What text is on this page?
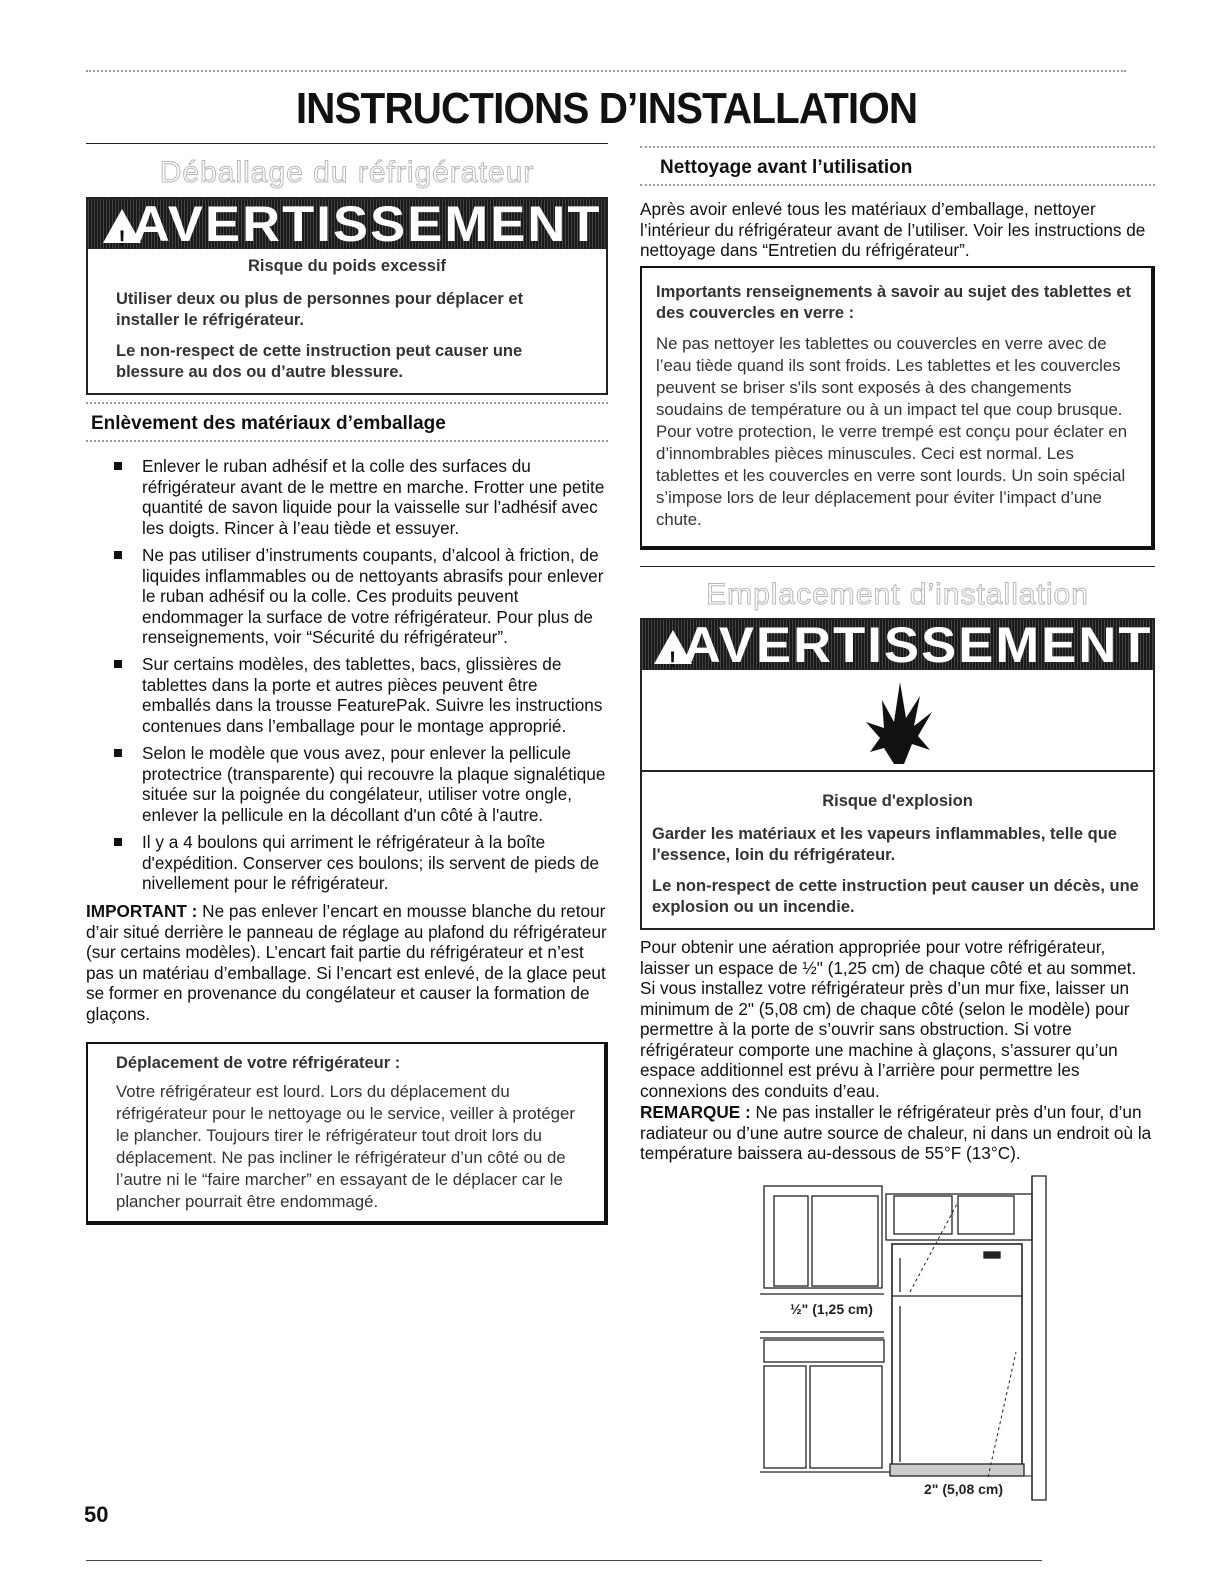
INSTRUCTIONS D’INSTALLATION
Déballage du réfrigérateur
! AVERTISSEMENT
Risque du poids excessif
Utiliser deux ou plus de personnes pour déplacer et installer le réfrigérateur.
Le non-respect de cette instruction peut causer une blessure au dos ou d’autre blessure.
Enlèvement des matériaux d’emballage
Enlever le ruban adhésif et la colle des surfaces du réfrigérateur avant de le mettre en marche. Frotter une petite quantité de savon liquide pour la vaisselle sur l’adhésif avec les doigts. Rincer à l’eau tiède et essuyer.
Ne pas utiliser d’instruments coupants, d’alcool à friction, de liquides inflammables ou de nettoyants abrasifs pour enlever le ruban adhésif ou la colle. Ces produits peuvent endommager la surface de votre réfrigérateur. Pour plus de renseignements, voir “Sécurité du réfrigérateur”.
Sur certains modèles, des tablettes, bacs, glissières de tablettes dans la porte et autres pièces peuvent être emballés dans la trousse FeaturePak. Suivre les instructions contenues dans l’emballage pour le montage approprié.
Selon le modèle que vous avez, pour enlever la pellicule protectrice (transparente) qui recouvre la plaque signalétique située sur la poignée du congélateur, utiliser votre ongle, enlever la pellicule en la décollant d'un côté à l'autre.
Il y a 4 boulons qui arriment le réfrigérateur à la boîte d'expédition. Conserver ces boulons; ils servent de pieds de nivellement pour le réfrigérateur.
IMPORTANT : Ne pas enlever l’encart en mousse blanche du retour d’air situé derrière le panneau de réglage au plafond du réfrigérateur (sur certains modèles). L’encart fait partie du réfrigérateur et n’est pas un matériau d’emballage. Si l’encart est enlevé, de la glace peut se former en provenance du congélateur et causer la formation de glaçons.
Déplacement de votre réfrigérateur :
Votre réfrigérateur est lourd. Lors du déplacement du réfrigérateur pour le nettoyage ou le service, veiller à protéger le plancher. Toujours tirer le réfrigérateur tout droit lors du déplacement. Ne pas incliner le réfrigérateur d’un côté ou de l’autre ni le “faire marcher” en essayant de le déplacer car le plancher pourrait être endommagé.
50
Nettoyage avant l’utilisation
Après avoir enlevé tous les matériaux d’emballage, nettoyer l’intérieur du réfrigérateur avant de l’utiliser. Voir les instructions de nettoyage dans “Entretien du réfrigérateur”.
Importants renseignements à savoir au sujet des tablettes et des couvercles en verre :
Ne pas nettoyer les tablettes ou couvercles en verre avec de l’eau tiède quand ils sont froids. Les tablettes et les couvercles peuvent se briser s'ils sont exposés à des changements soudains de température ou à un impact tel que coup brusque. Pour votre protection, le verre trempé est conçu pour éclater en d’innombrables pièces minuscules. Ceci est normal. Les tablettes et les couvercles en verre sont lourds. Un soin spécial s’impose lors de leur déplacement pour éviter l’impact d’une chute.
Emplacement d’installation
! AVERTISSEMENT
Risque d'explosion
Garder les matériaux et les vapeurs inflammables, telle que l'essence, loin du réfrigérateur.
Le non-respect de cette instruction peut causer un décès, une explosion ou un incendie.
Pour obtenir une aération appropriée pour votre réfrigérateur, laisser un espace de ½" (1,25 cm) de chaque côté et au sommet. Si vous installez votre réfrigérateur près d’un mur fixe, laisser un minimum de 2" (5,08 cm) de chaque côté (selon le modèle) pour permettre à la porte de s’ouvrir sans obstruction. Si votre réfrigérateur comporte une machine à glaçons, s’assurer qu’un espace additionnel est prévu à l’arrière pour permettre les connexions des conduits d’eau.
REMARQUE : Ne pas installer le réfrigérateur près d’un four, d’un radiateur ou d’une autre source de chaleur, ni dans un endroit où la température baissera au-dessous de 55°F (13°C).
½" (1,25 cm)
2" (5,08 cm)
